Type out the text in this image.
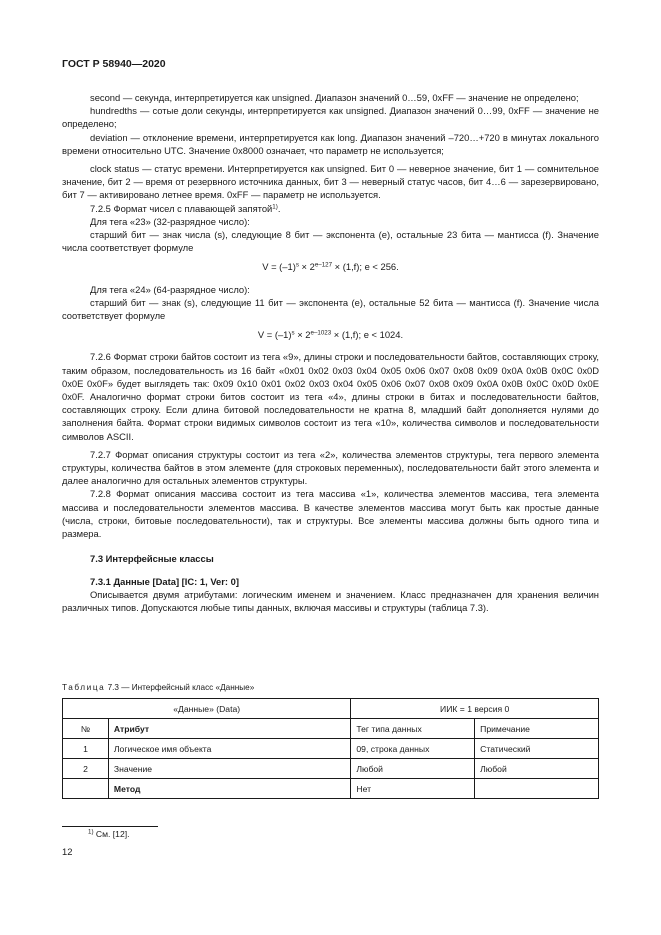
ГОСТ Р 58940—2020

second — секунда, интерпретируется как unsigned. Диапазон значений 0…59, 0xFF — значение не определено;

hundredths — сотые доли секунды, интерпретируется как unsigned. Диапазон значений 0…99, 0xFF — значение не определено;

deviation — отклонение времени, интерпретируется как long. Диапазон значений –720…+720 в минутах локального времени относительно UTC. Значение 0x8000 означает, что параметр не используется;

clock status — статус времени. Интерпретируется как unsigned. Бит 0 — неверное значение, бит 1 — сомнительное значение, бит 2 — время от резервного источника данных, бит 3 — неверный статус часов, бит 4…6 — зарезервировано, бит 7 — активировано летнее время. 0xFF — параметр не используется.

7.2.5 Формат чисел с плавающей запятой$^{1)}$.

Для тега «23» (32-разрядное число):

старший бит — знак числа (s), следующие 8 бит — экспонента (e), остальные 23 бита — мантисса (f). Значение числа соответствует формуле

$V = (-1)^s \times 2^{e-127} \times (1,f)$; e < 256.

Для тега «24» (64-разрядное число):

старший бит — знак (s), следующие 11 бит — экспонента (e), остальные 52 бита — мантисса (f). Значение числа соответствует формуле

$V = (-1)^s \times 2^{e-1023} \times (1,f)$; e < 1024.

7.2.6 Формат строки байтов состоит из тега «9», длины строки и последовательности байтов, составляющих строку, таким образом, последовательность из 16 байт «0x01 0x02 0x03 0x04 0x05 0x06 0x07 0x08 0x09 0x0A 0x0B 0x0C 0x0D 0x0E 0x0F» будет выглядеть так: 0x09 0x10 0x01 0x02 0x03 0x04 0x05 0x06 0x07 0x08 0x09 0x0A 0x0B 0x0C 0x0D 0x0E 0x0F. Аналогично формат строки битов состоит из тега «4», длины строки в битах и последовательности байтов, составляющих строку. Если длина битовой последовательности не кратна 8, младший байт дополняется нулями до заполнения байта. Формат строки видимых символов состоит из тега «10», количества символов и последовательности символов ASCII.

7.2.7 Формат описания структуры состоит из тега «2», количества элементов структуры, тега первого элемента структуры, количества байтов в этом элементе (для строковых переменных), последовательности байт этого элемента и далее аналогично для остальных элементов структуры.

7.2.8 Формат описания массива состоит из тега массива «1», количества элементов массива, тега элемента массива и последовательности элементов массива. В качестве элементов массива могут быть как простые данные (числа, строки, битовые последовательности), так и структуры. Все элементы массива должны быть одного типа и размера.

7.3 Интерфейсные классы

7.3.1 Данные [Data] [IC: 1, Ver: 0]

Описывается двумя атрибутами: логическим именем и значением. Класс предназначен для хранения величин различных типов. Допускаются любые типы данных, включая массивы и структуры (таблица 7.3).

Таблица 7.3 — Интерфейсный класс «Данные»
«Данные» (Data)		ИИК = 1 версия 0	
№	Атрибут	Тег типа данных	Примечание
1	Логическое имя объекта	09, строка данных	Статический
2	Значение	Любой	Любой
	Метод	Нет	
$^{1)}$ См. [12].
12
